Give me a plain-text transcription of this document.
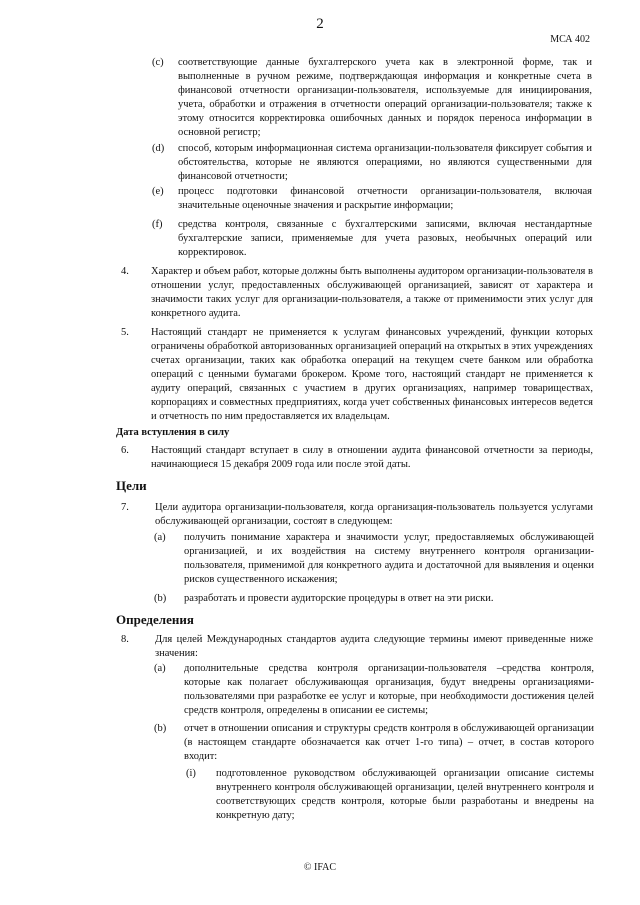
2
МСА 402
(c)	соответствующие данные бухгалтерского учета как в электронной форме, так и выполненные в ручном режиме, подтверждающая информация и конкретные счета в финансовой отчетности организации-пользователя, используемые для инициирования, учета, обработки и отражения в отчетности операций организации-пользователя; также к этому относится корректировка ошибочных данных и порядок переноса информации в основной регистр;
(d)	способ, которым информационная система организации-пользователя фиксирует события и обстоятельства, которые не являются операциями, но являются существенными для финансовой отчетности;
(e)	процесс подготовки финансовой отчетности организации-пользователя, включая значительные оценочные значения и раскрытие информации;
(f)	средства контроля, связанные с бухгалтерскими записями, включая нестандартные бухгалтерские записи, применяемые для учета разовых, необычных операций или корректировок.
4.	Характер и объем работ, которые должны быть выполнены аудитором организации-пользователя в отношении услуг, предоставленных обслуживающей организацией, зависят от характера и значимости таких услуг для организации-пользователя, а также от применимости этих услуг для конкретного аудита.
5.	Настоящий стандарт не применяется к услугам финансовых учреждений, функции которых ограничены обработкой авторизованных организацией операций на открытых в этих учреждениях счетах организации, таких как обработка операций на текущем счете банком или обработка операций с ценными бумагами брокером. Кроме того, настоящий стандарт не применяется к аудиту операций, связанных с участием в других организациях, например товариществах, корпорациях и совместных предприятиях, когда учет собственных финансовых интересов ведется и отчетность по ним предоставляется их владельцам.
Дата вступления в силу
6.	Настоящий стандарт вступает в силу в отношении аудита финансовой отчетности за периоды, начинающиеся 15 декабря 2009 года или после этой даты.
Цели
7.	Цели аудитора организации-пользователя, когда организация-пользователь пользуется услугами обслуживающей организации, состоят в следующем:
(a)	получить понимание характера и значимости услуг, предоставляемых обслуживающей организацией, и их воздействия на систему внутреннего контроля организации-пользователя, применимой для конкретного аудита и достаточной для выявления и оценки рисков существенного искажения;
(b)	разработать и провести аудиторские процедуры в ответ на эти риски.
Определения
8.	Для целей Международных стандартов аудита следующие термины имеют приведенные ниже значения:
(a)	дополнительные средства контроля организации-пользователя –средства контроля, которые как полагает обслуживающая организация, будут внедрены организациями-пользователями при разработке ее услуг и которые, при необходимости достижения целей средств контроля, определены в описании ее системы;
(b)	отчет в отношении описания и структуры средств контроля в обслуживающей организации (в настоящем стандарте обозначается как отчет 1-го типа) – отчет, в состав которого входит:
(i)	подготовленное руководством обслуживающей организации описание системы внутреннего контроля обслуживающей организации, целей внутреннего контроля и соответствующих средств контроля, которые были разработаны и внедрены на конкретную дату;
© IFAC
